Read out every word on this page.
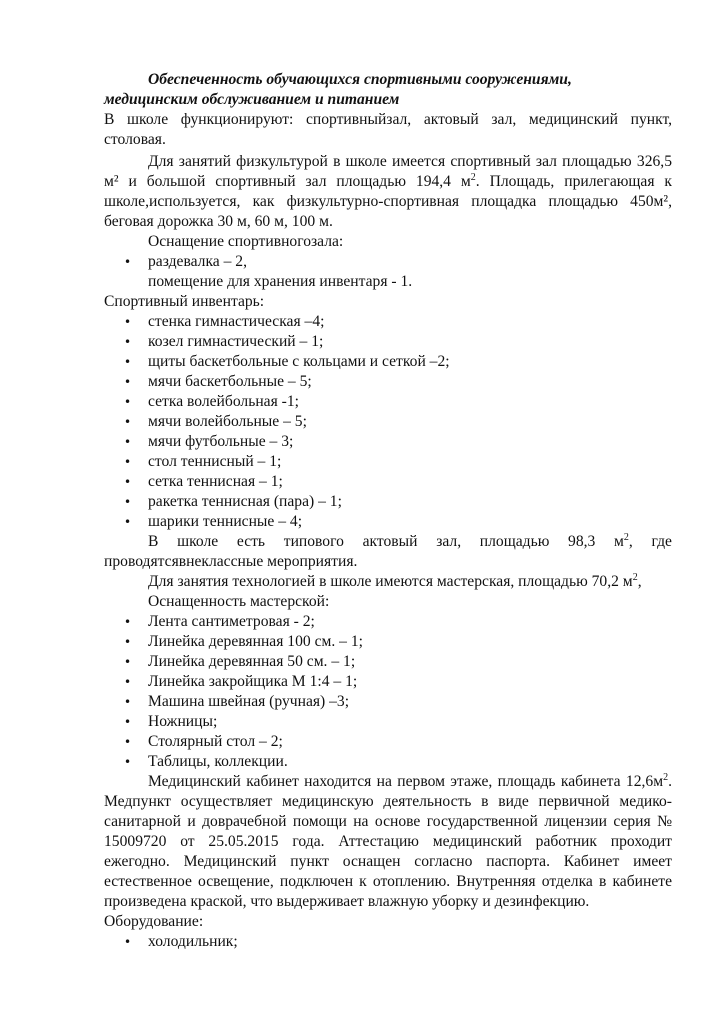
Обеспеченность обучающихся спортивными сооружениями,
медицинским обслуживанием и питанием

В школе функционируют: спортивныйзал, актовый зал, медицинский пункт, столовая.

Для занятий физкультурой в школе имеется спортивный зал площадью 326,5 м² и большой спортивный зал площадью 194,4 $м^2$. Площадь, прилегающая к школе,используется, как физкультурно-спортивная площадка площадью 450м², беговая дорожка 30 м, 60 м, 100 м.

Оснащение спортивногозала:

• раздевалка – 2,
помещение для хранения инвентаря - 1.

Спортивный инвентарь:

• стенка гимнастическая –4;
• козел гимнастический – 1;
• щиты баскетбольные с кольцами и сеткой –2;
• мячи баскетбольные – 5;
• сетка волейбольная -1;
• мячи волейбольные – 5;
• мячи футбольные – 3;
• стол теннисный – 1;
• сетка теннисная – 1;
• ракетка теннисная (пара) – 1;
• шарики теннисные – 4;

В школе есть типового актовый зал, площадью 98,3 $м^2$, где проводятсявнеклассные мероприятия.

Для занятия технологией в школе имеются мастерская, площадью 70,2 $м^2$,

Оснащенность мастерской:

• Лента сантиметровая - 2;
• Линейка деревянная 100 см. – 1;
• Линейка деревянная 50 см. – 1;
• Линейка закройщика М 1:4 – 1;
• Машина швейная (ручная) –3;
• Ножницы;
• Столярный стол – 2;
• Таблицы, коллекции.

Медицинский кабинет находится на первом этаже, площадь кабинета $12,6м^2$. Медпункт осуществляет медицинскую деятельность в виде первичной медико-санитарной и доврачебной помощи на основе государственной лицензии серия № 15009720 от 25.05.2015 года. Аттестацию медицинский работник проходит ежегодно. Медицинский пункт оснащен согласно паспорта. Кабинет имеет естественное освещение, подключен к отоплению. Внутренняя отделка в кабинете произведена краской, что выдерживает влажную уборку и дезинфекцию.

Оборудование:

• холодильник;
